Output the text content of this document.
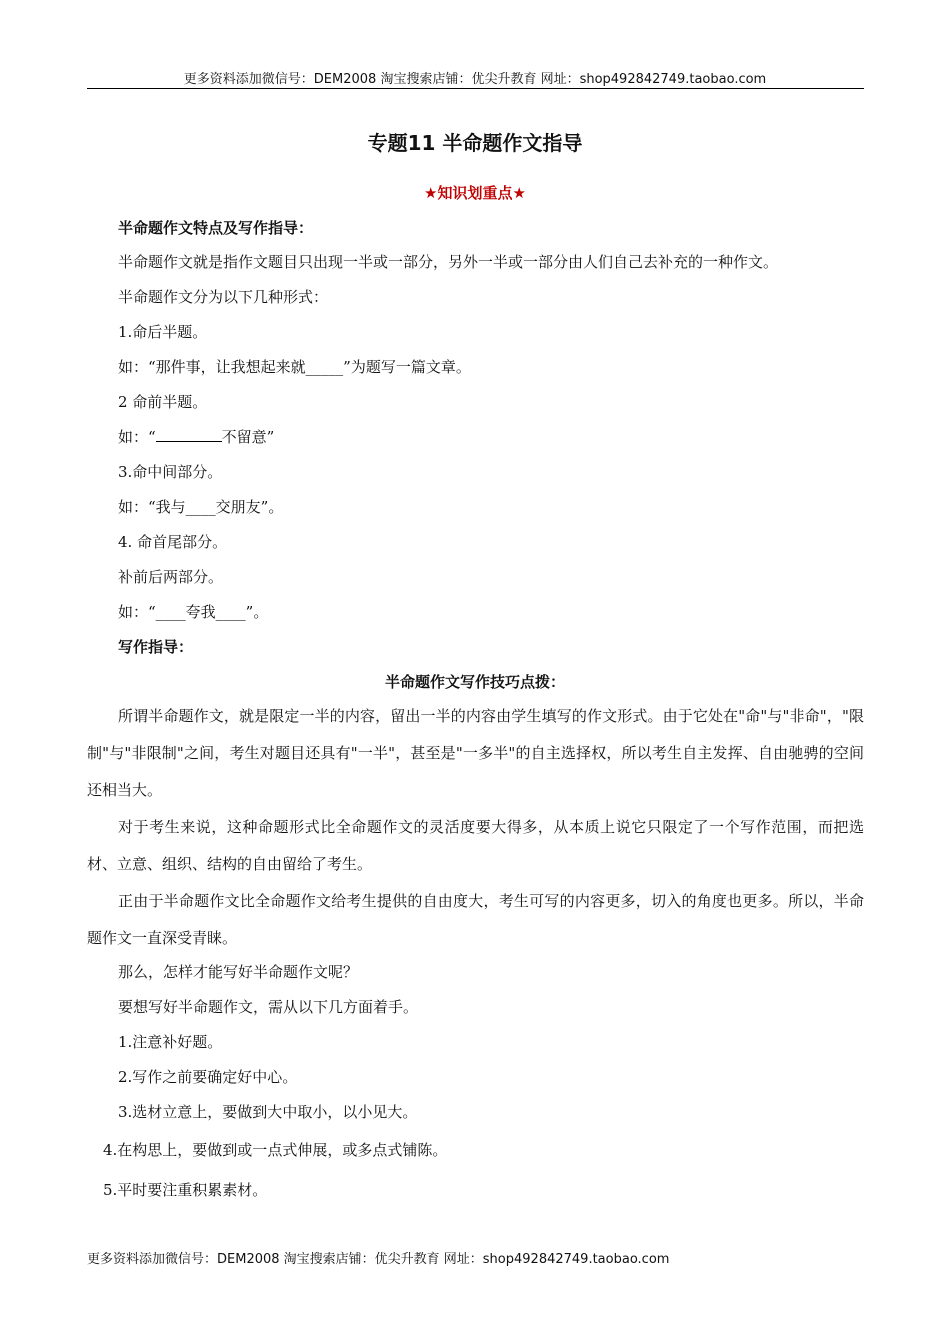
更多资料添加微信号：DEM2008 淘宝搜索店铺：优尖升教育 网址：shop492842749.taobao.com
专题11 半命题作文指导
★知识划重点★
半命题作文特点及写作指导：
半命题作文就是指作文题目只出现一半或一部分，另外一半或一部分由人们自己去补充的一种作文。
半命题作文分为以下几种形式：
1.命后半题。
如：“那件事，让我想起来就_____”为题写一篇文章。
2 命前半题。
如：“	不留意”
3.命中间部分。
如：“我与____交朋友”。
4. 命首尾部分。
补前后两部分。
如：“____夸我____”。
写作指导：
半命题作文写作技巧点拨：
所谓半命题作文，就是限定一半的内容，留出一半的内容由学生填写的作文形式。由于它处在"命"与"非命"，"限制"与"非限制"之间，考生对题目还具有"一半"，甚至是"一多半"的自主选择权，所以考生自主发挥、自由驰骋的空间还相当大。
对于考生来说，这种命题形式比全命题作文的灵活度要大得多，从本质上说它只限定了一个写作范围，而把选材、立意、组织、结构的自由留给了考生。
正由于半命题作文比全命题作文给考生提供的自由度大，考生可写的内容更多，切入的角度也更多。所以，半命题作文一直深受青睐。
那么，怎样才能写好半命题作文呢？
要想写好半命题作文，需从以下几方面着手。
1.注意补好题。
2.写作之前要确定好中心。
3.选材立意上，要做到大中取小，以小见大。
4.在构思上，要做到或一点式伸展，或多点式铺陈。
5.平时要注重积累素材。
更多资料添加微信号：DEM2008 淘宝搜索店铺：优尖升教育 网址：shop492842749.taobao.com
